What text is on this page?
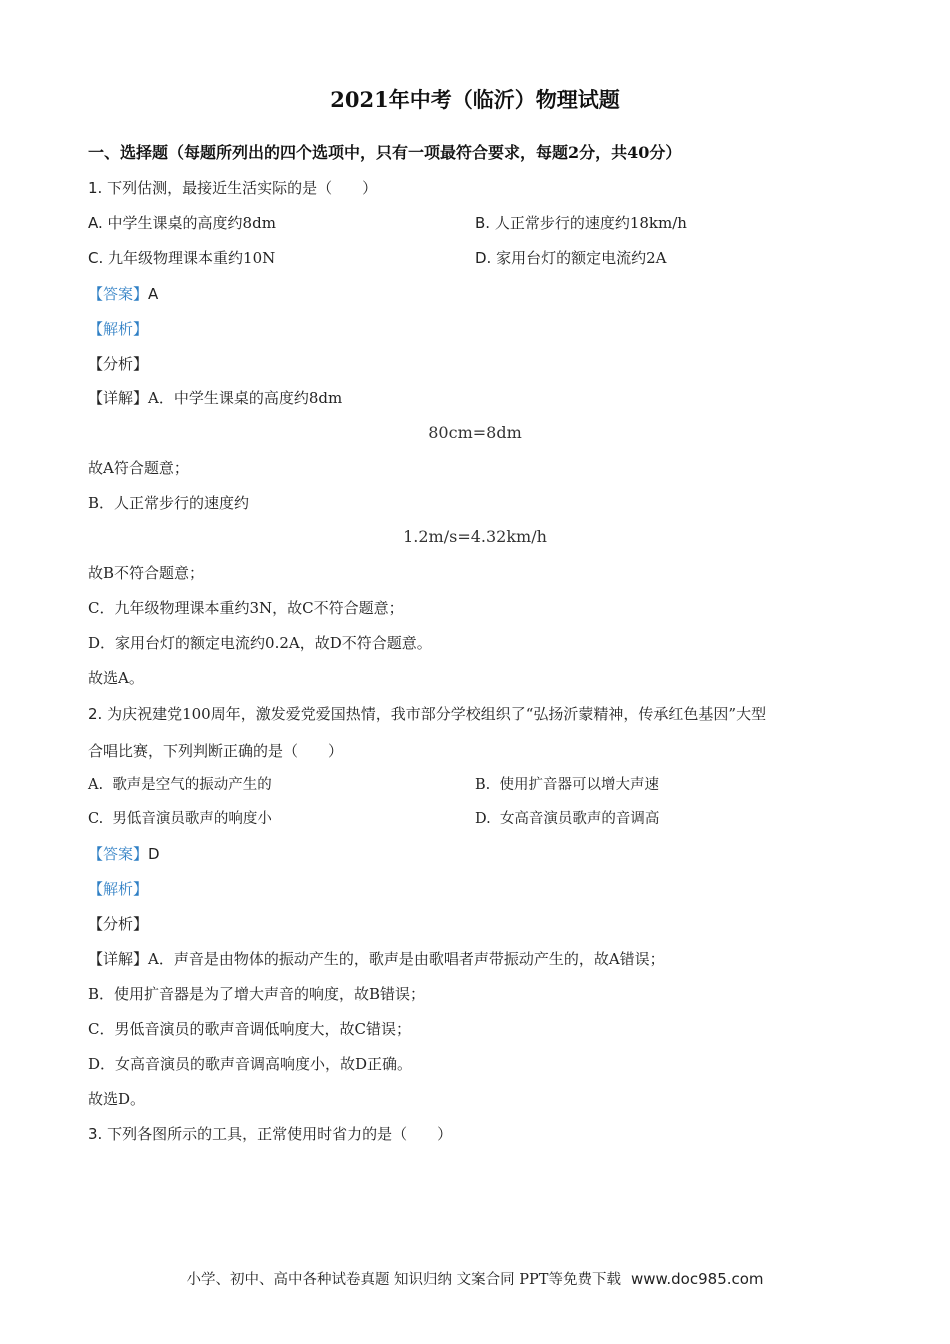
2021年中考（临沂）物理试题
一、选择题（每题所列出的四个选项中，只有一项最符合要求，每题2分，共40分）
1. 下列估测，最接近生活实际的是（　　）
A. 中学生课桌的高度约8dm	B. 人正常步行的速度约18km/h
C. 九年级物理课本重约10N	D. 家用台灯的额定电流约2A
【答案】A
【解析】
【分析】
【详解】A．中学生课桌的高度约8dm
80cm=8dm
故A符合题意；
B．人正常步行的速度约
1.2m/s=4.32km/h
故B不符合题意；
C．九年级物理课本重约3N，故C不符合题意；
D．家用台灯的额定电流约0.2A，故D不符合题意。
故选A。
2. 为庆祝建党100周年，激发爱党爱国热情，我市部分学校组织了“弘扬沂蒙精神，传承红色基因”大型
合唱比赛，下列判断正确的是（　　）
A. 歌声是空气的振动产生的	B. 使用扩音器可以增大声速
C. 男低音演员歌声的响度小	D. 女高音演员歌声的音调高
【答案】D
【解析】
【分析】
【详解】A．声音是由物体的振动产生的，歌声是由歌唱者声带振动产生的，故A错误；
B．使用扩音器是为了增大声音的响度，故B错误；
C．男低音演员的歌声音调低响度大，故C错误；
D．女高音演员的歌声音调高响度小，故D正确。
故选D。
3. 下列各图所示的工具，正常使用时省力的是（　　）
小学、初中、高中各种试卷真题 知识归纳 文案合同 PPT等免费下载 www.doc985.com
